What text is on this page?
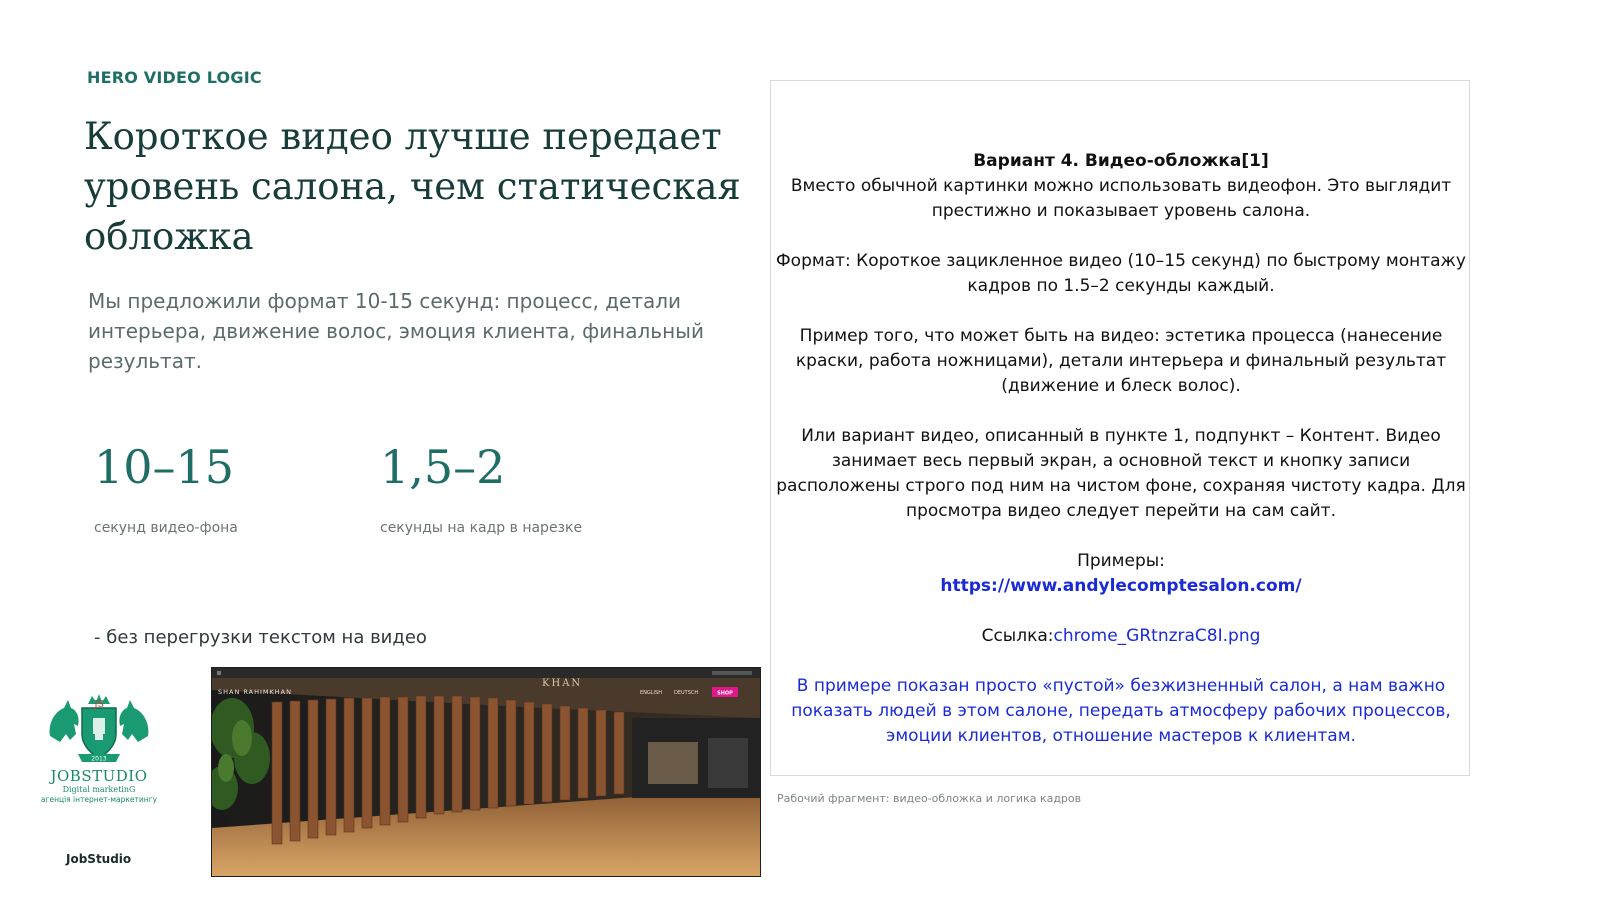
HERO VIDEO LOGIC
Короткое видео лучше передает уровень салона, чем статическая обложка

Мы предложили формат 10-15 секунд: процесс, детали интерьера, движение волос, эмоция клиента, финальный результат.

10–15
секунд видео-фона
1,5–2
секунды на кадр в нарезке
- без перегрузки текстом на видео
JS
2013
JOBSTUDIO
Digital marketinG
агенція інтернет-маркетингу
JobStudio
SHAN RAHIMKHAN
KHAN
ENGLISH DEUTSCH	SHOP

Вариант 4. Видео-обложка[1]
Вместо обычной картинки можно использовать видеофон. Это выглядит престижно и показывает уровень салона.

Формат: Короткое зацикленное видео (10–15 секунд) по быстрому монтажу кадров по 1.5–2 секунды каждый.

Пример того, что может быть на видео: эстетика процесса (нанесение краски, работа ножницами), детали интерьера и финальный результат (движение и блеск волос).

Или вариант видео, описанный в пункте 1, подпункт – Контент. Видео занимает весь первый экран, а основной текст и кнопку записи расположены строго под ним на чистом фоне, сохраняя чистоту кадра. Для просмотра видео следует перейти на сам сайт.

Примеры:
https://www.andylecomptesalon.com/

Ссылка:chrome_GRtnzraC8I.png

В примере показан просто «пустой» безжизненный салон, а нам важно показать людей в этом салоне, передать атмосферу рабочих процессов, эмоции клиентов, отношение мастеров к клиентам.

Рабочий фрагмент: видео-обложка и логика кадров
